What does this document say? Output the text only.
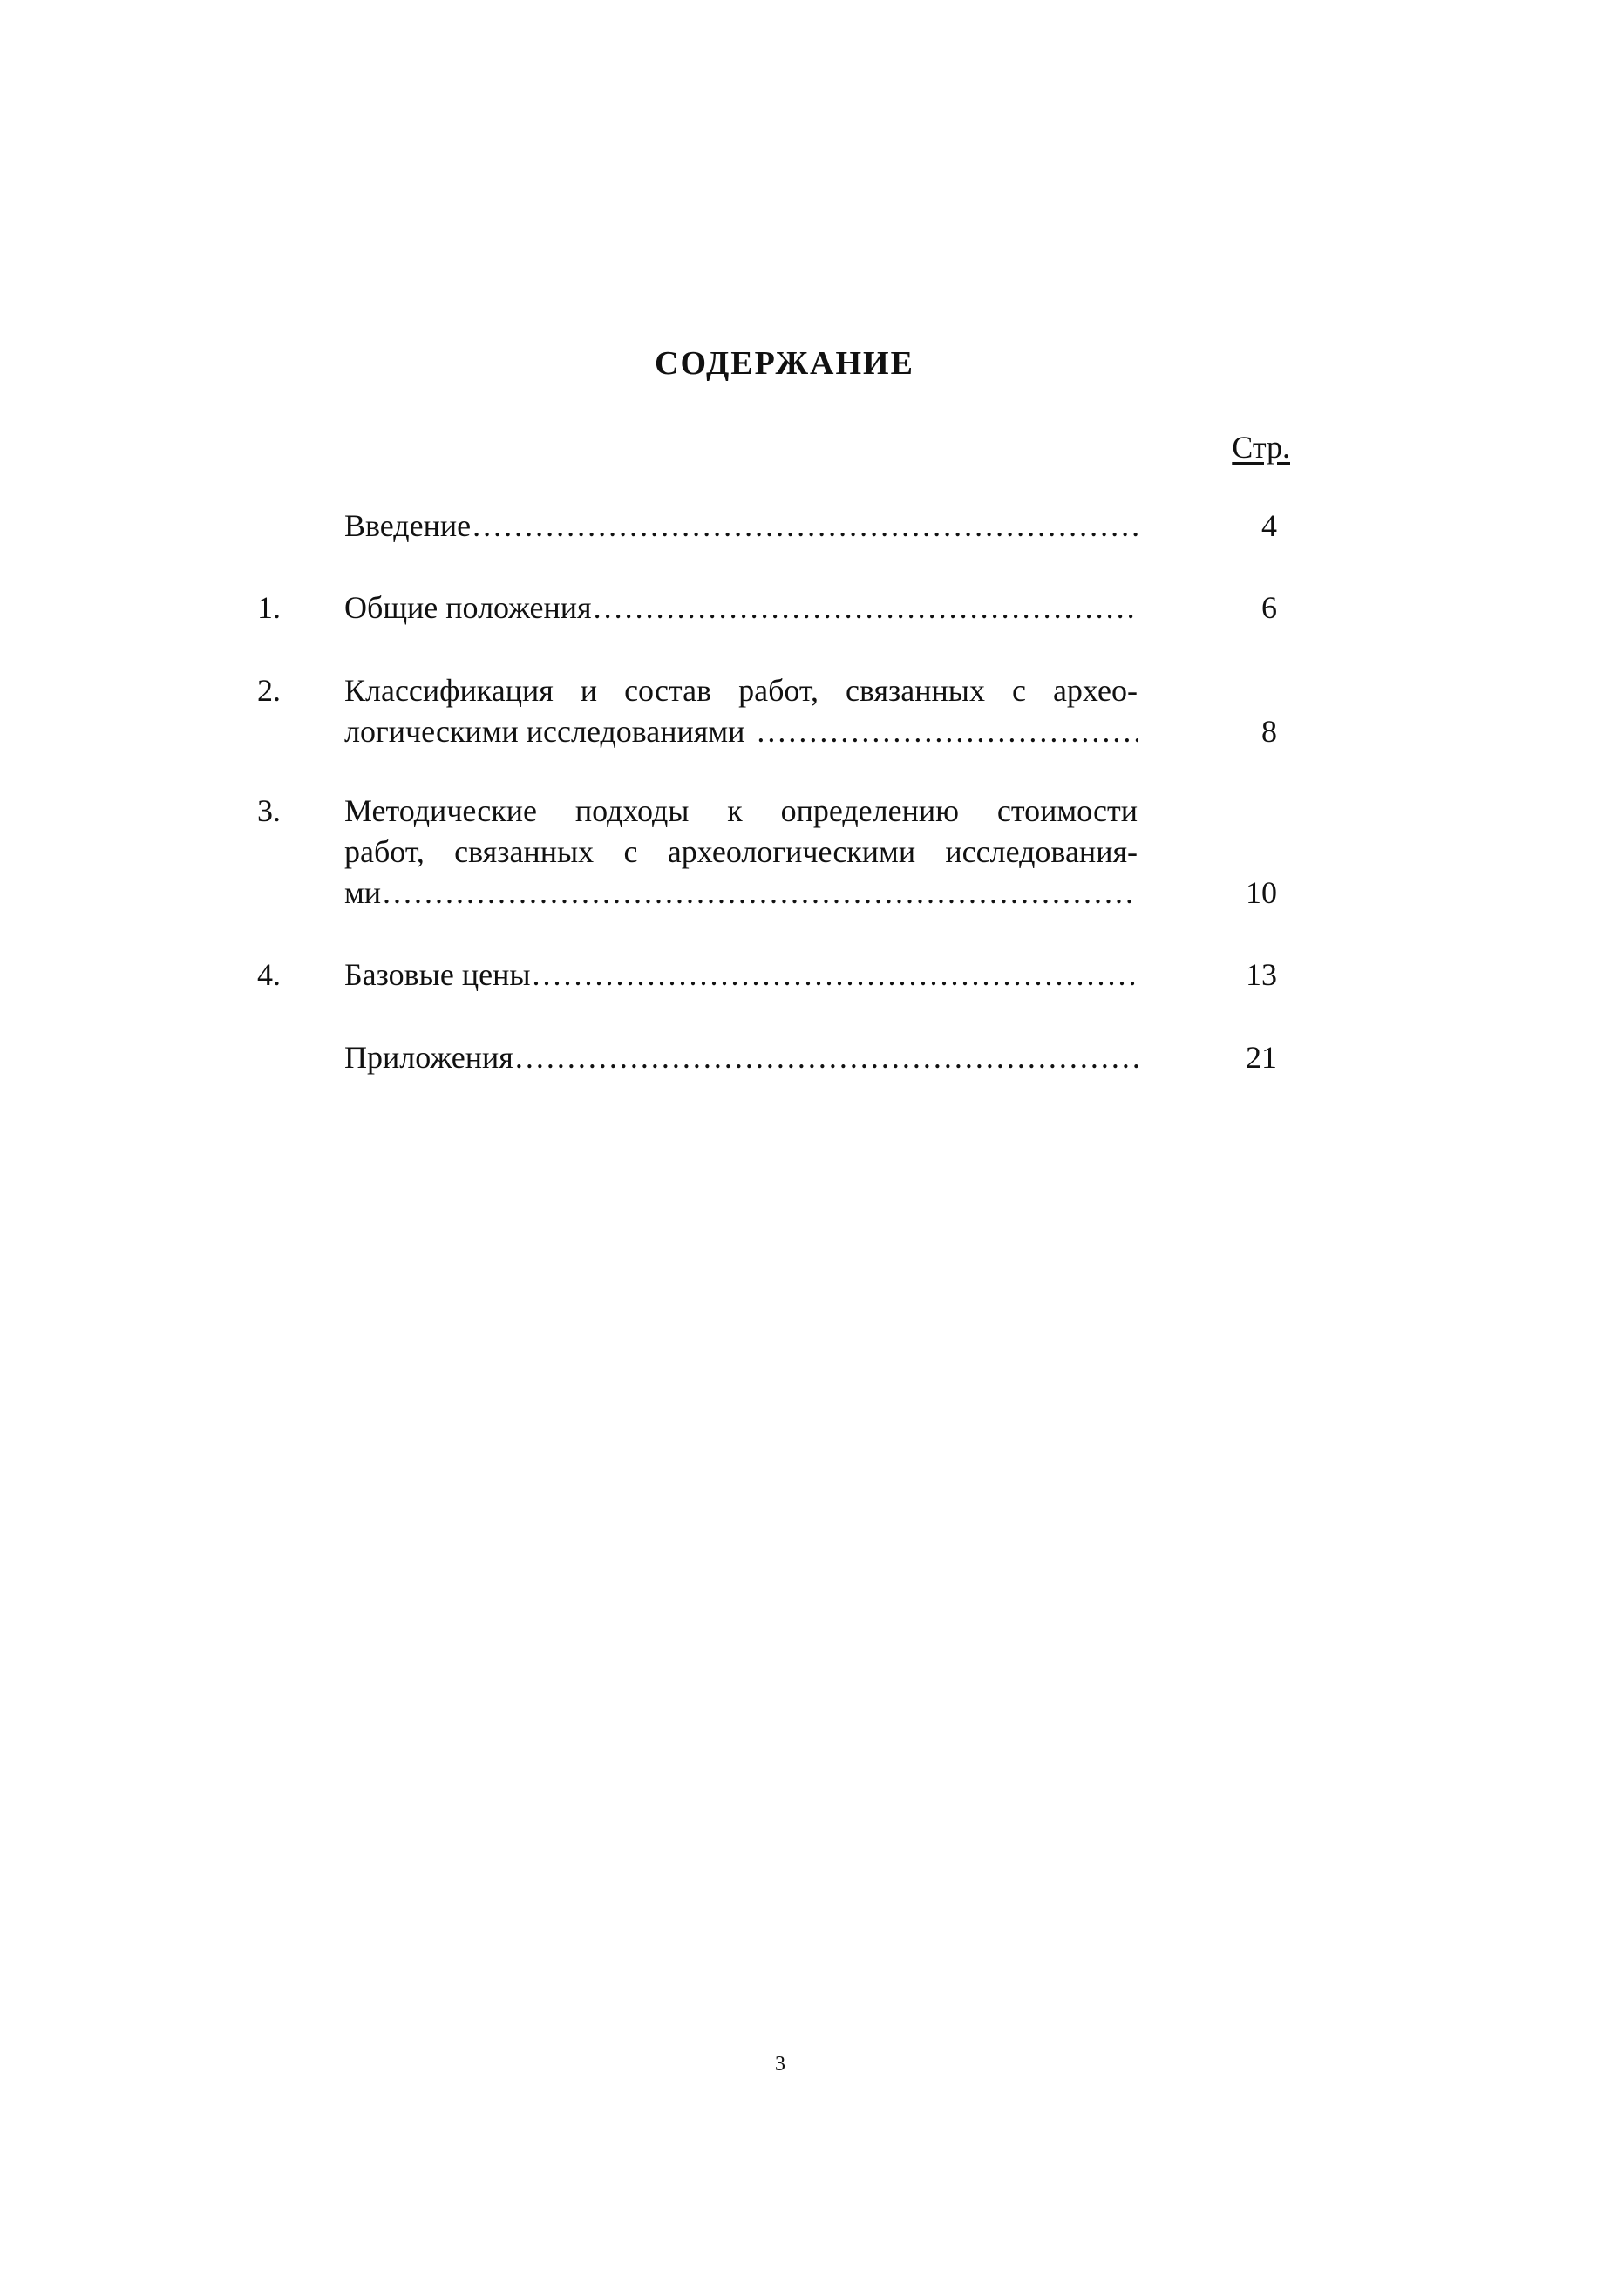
СОДЕРЖАНИЕ
Стр.
Введение .....	4
1. Общие положения .....	6
2. Классификация и состав работ, связанных с архео-
логическими исследованиями .....	8
3. Методические подходы к определению стоимости
работ, связанных с археологическими исследования-
ми .....	10
4. Базовые цены .....	13
Приложения .....	21
3
